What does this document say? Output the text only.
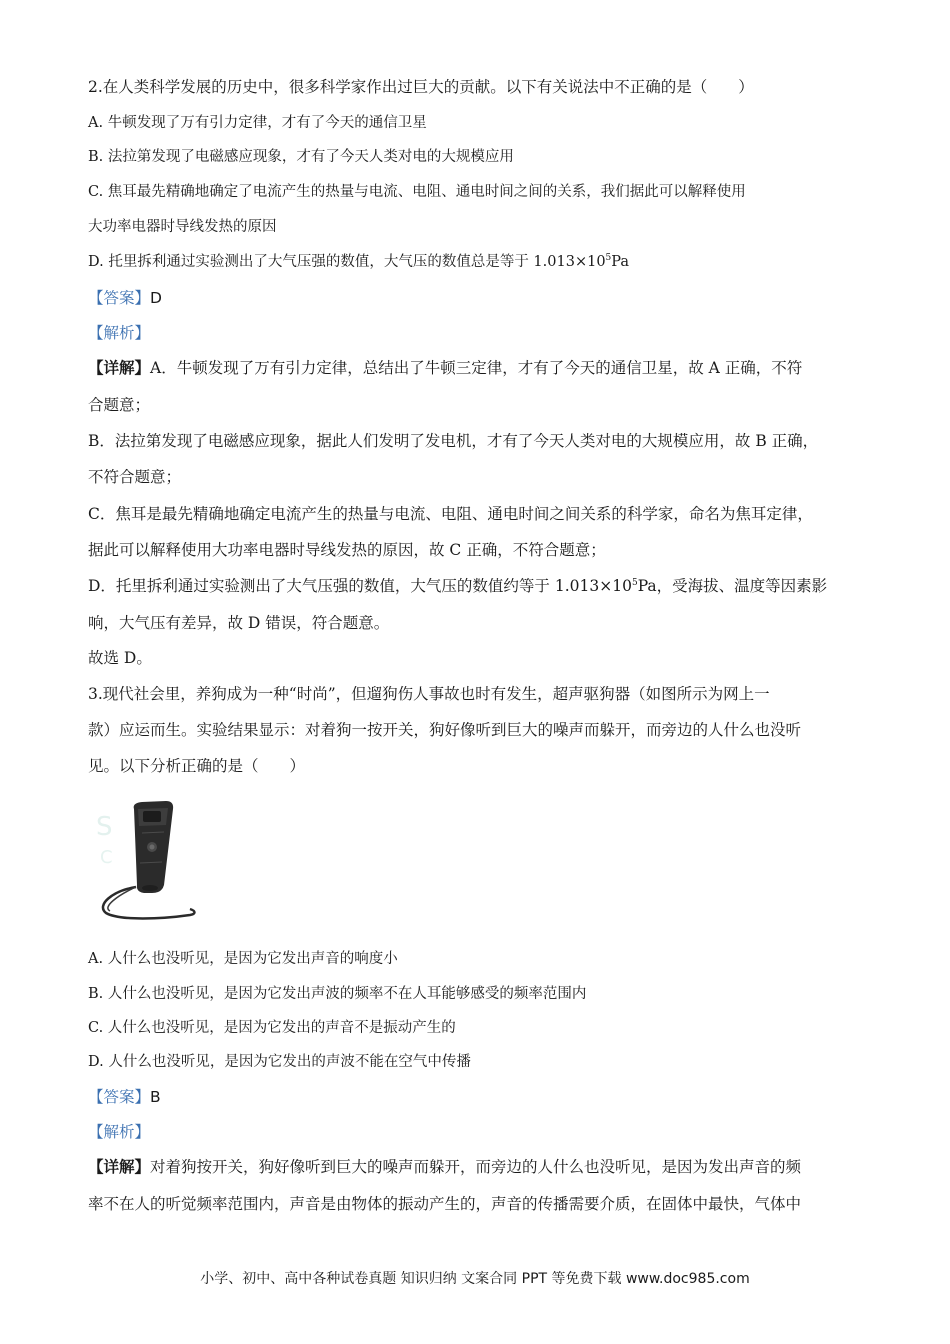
2.在人类科学发展的历史中，很多科学家作出过巨大的贡献。以下有关说法中不正确的是（　　）
A. 牛顿发现了万有引力定律，才有了今天的通信卫星
B. 法拉第发现了电磁感应现象，才有了今天人类对电的大规模应用
C. 焦耳最先精确地确定了电流产生的热量与电流、电阻、通电时间之间的关系，我们据此可以解释使用
大功率电器时导线发热的原因
D. 托里拆利通过实验测出了大气压强的数值，大气压的数值总是等于 $1.013\times 10^5Pa$
【答案】D
【解析】
【详解】A．牛顿发现了万有引力定律，总结出了牛顿三定律，才有了今天的通信卫星，故 A 正确，不符
合题意；
B．法拉第发现了电磁感应现象，据此人们发明了发电机，才有了今天人类对电的大规模应用，故 B 正确，
不符合题意；
C．焦耳是最先精确地确定电流产生的热量与电流、电阻、通电时间之间关系的科学家，命名为焦耳定律，
据此可以解释使用大功率电器时导线发热的原因，故 C 正确，不符合题意；
D．托里拆利通过实验测出了大气压强的数值，大气压的数值约等于 $1.013\times 10^5Pa$，受海拔、温度等因素影
响，大气压有差异，故 D 错误，符合题意。
故选 D。
3.现代社会里，养狗成为一种“时尚”，但遛狗伤人事故也时有发生，超声驱狗器（如图所示为网上一
款）应运而生。实验结果显示：对着狗一按开关，狗好像听到巨大的噪声而躲开，而旁边的人什么也没听
见。以下分析正确的是（　　）
S
C
A. 人什么也没听见，是因为它发出声音的响度小
B. 人什么也没听见，是因为它发出声波的频率不在人耳能够感受的频率范围内
C. 人什么也没听见，是因为它发出的声音不是振动产生的
D. 人什么也没听见，是因为它发出的声波不能在空气中传播
【答案】B
【解析】
【详解】对着狗按开关，狗好像听到巨大的噪声而躲开，而旁边的人什么也没听见，是因为发出声音的频
率不在人的听觉频率范围内，声音是由物体的振动产生的，声音的传播需要介质，在固体中最快，气体中
小学、初中、高中各种试卷真题 知识归纳 文案合同 PPT 等免费下载 www.doc985.com
